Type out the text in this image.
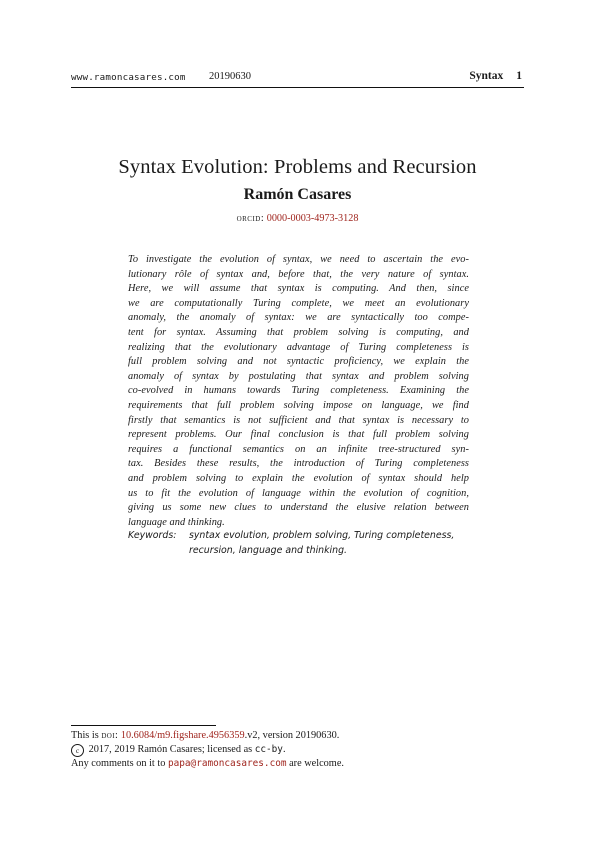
www.ramoncasares.com 20190630	Syntax 1
Syntax Evolution: Problems and Recursion
Ramón Casares
orcid: 0000-0003-4973-3128
To investigate the evolution of syntax, we need to ascertain the evo-
lutionary rôle of syntax and, before that, the very nature of syntax.
Here, we will assume that syntax is computing. And then, since
we are computationally Turing complete, we meet an evolutionary
anomaly, the anomaly of syntax: we are syntactically too compe-
tent for syntax. Assuming that problem solving is computing, and
realizing that the evolutionary advantage of Turing completeness is
full problem solving and not syntactic proficiency, we explain the
anomaly of syntax by postulating that syntax and problem solving
co-evolved in humans towards Turing completeness. Examining the
requirements that full problem solving impose on language, we find
firstly that semantics is not sufficient and that syntax is necessary to
represent problems. Our final conclusion is that full problem solving
requires a functional semantics on an infinite tree-structured syn-
tax. Besides these results, the introduction of Turing completeness
and problem solving to explain the evolution of syntax should help
us to fit the evolution of language within the evolution of cognition,
giving us some new clues to understand the elusive relation between
language and thinking.
Keywords: syntax evolution, problem solving, Turing completeness,
recursion, language and thinking.
This is doi: 10.6084/m9.figshare.4956359.v2, version 20190630.
c 2017, 2019 Ramón Casares; licensed as cc-by.
Any comments on it to papa@ramoncasares.com are welcome.
